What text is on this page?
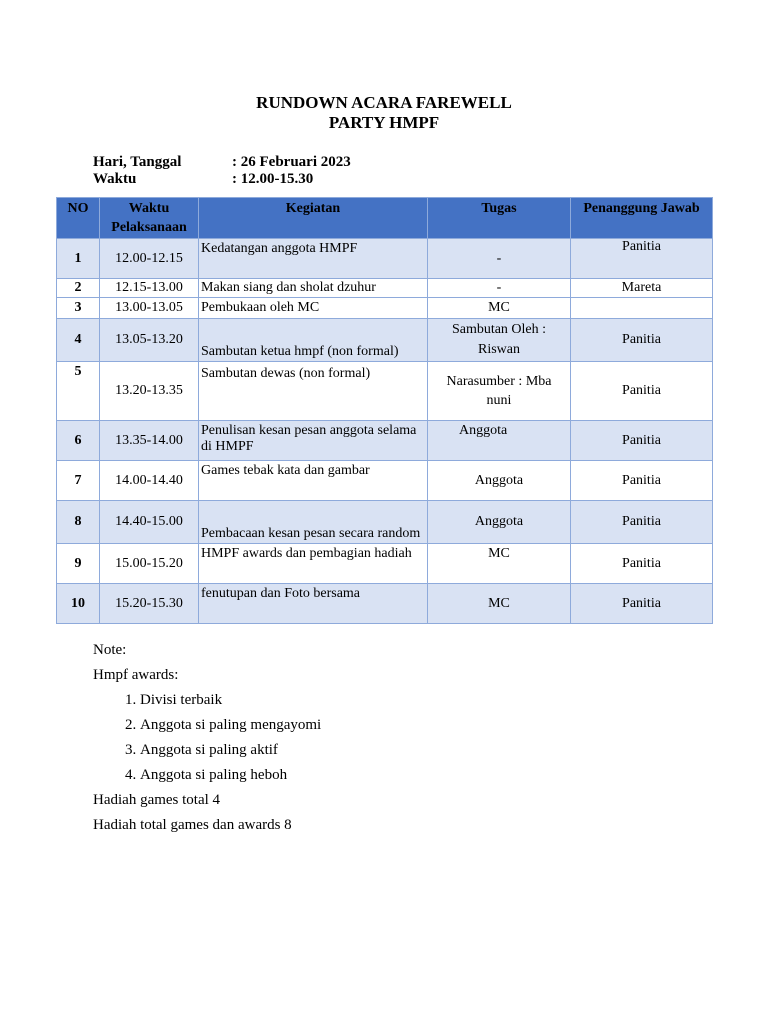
RUNDOWN ACARA FAREWELL
PARTY HMPF
Hari, Tanggal	: 26 Februari 2023
Waktu	: 12.00-15.30
NO	Waktu
Pelaksanaan	Kegiatan	Tugas	Penanggung Jawab
1	12.00-12.15	Kedatangan anggota HMPF	-	Panitia
2	12.15-13.00	Makan siang dan sholat dzuhur	-	Mareta
3	13.00-13.05	Pembukaan oleh MC	MC	
4	13.05-13.20	Sambutan ketua hmpf (non formal)	Sambutan Oleh : Riswan	Panitia
5	13.20-13.35	Sambutan dewas (non formal)	Narasumber : Mba nuni	Panitia
6	13.35-14.00	Penulisan kesan pesan anggota selama di HMPF	Anggota	Panitia
7	14.00-14.40	Games tebak kata dan gambar	Anggota	Panitia
8	14.40-15.00	Pembacaan kesan pesan secara random	Anggota	Panitia
9	15.00-15.20	HMPF awards dan pembagian hadiah	MC	Panitia
10	15.20-15.30	fenutupan dan Foto bersama	MC	Panitia
Note:
Hmpf awards:
1. Divisi terbaik
2. Anggota si paling mengayomi
3. Anggota si paling aktif
4. Anggota si paling heboh
Hadiah games total 4
Hadiah total games dan awards 8
